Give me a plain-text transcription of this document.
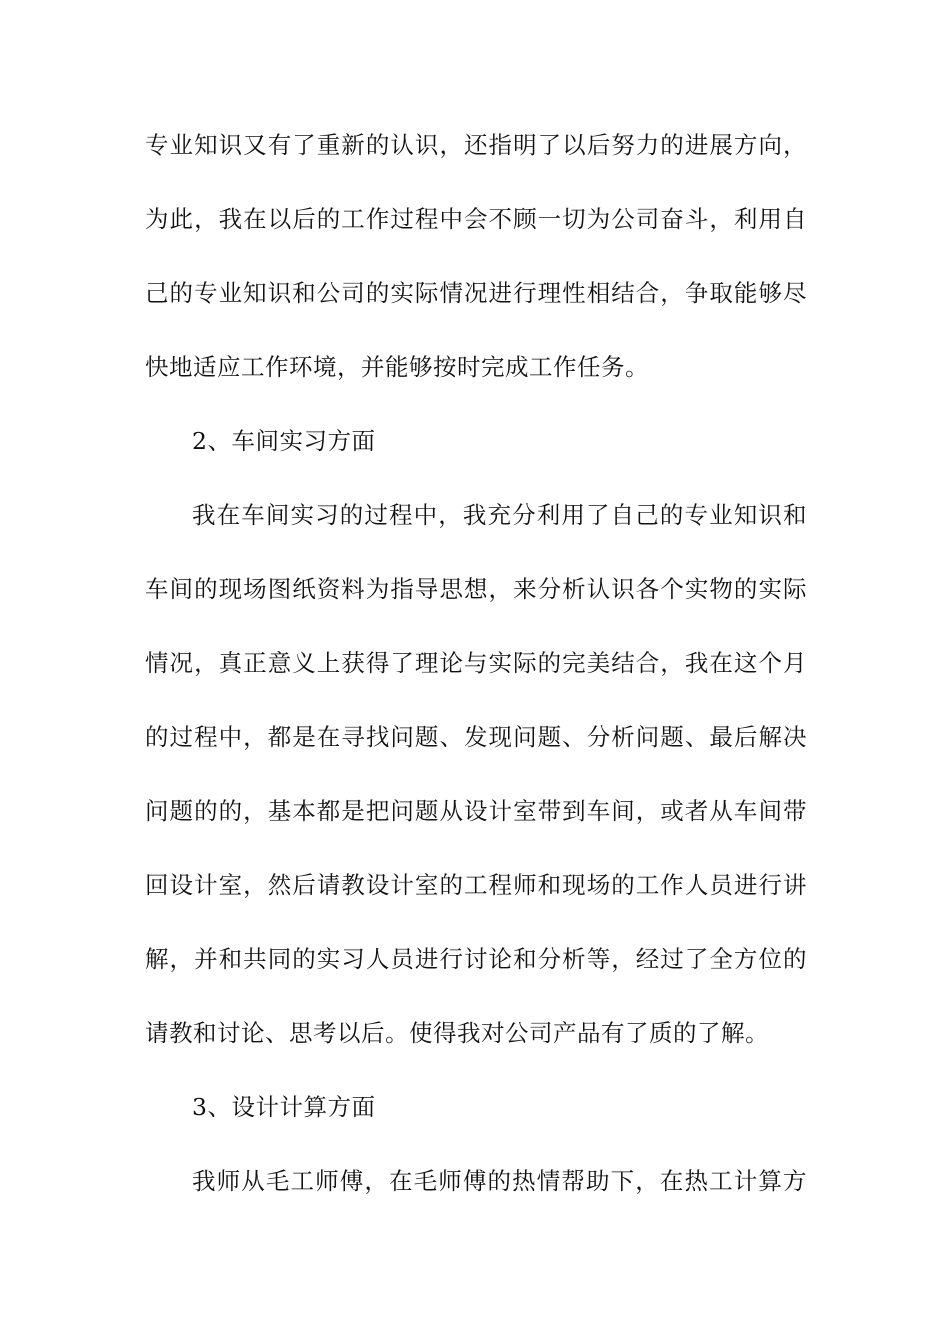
专业知识又有了重新的认识，还指明了以后努力的进展方向，
为此，我在以后的工作过程中会不顾一切为公司奋斗，利用自
己的专业知识和公司的实际情况进行理性相结合，争取能够尽
快地适应工作环境，并能够按时完成工作任务。
2、车间实习方面
我在车间实习的过程中，我充分利用了自己的专业知识和
车间的现场图纸资料为指导思想，来分析认识各个实物的实际
情况，真正意义上获得了理论与实际的完美结合，我在这个月
的过程中，都是在寻找问题、发现问题、分析问题、最后解决
问题的的，基本都是把问题从设计室带到车间，或者从车间带
回设计室，然后请教设计室的工程师和现场的工作人员进行讲
解，并和共同的实习人员进行讨论和分析等，经过了全方位的
请教和讨论、思考以后。使得我对公司产品有了质的了解。
3、设计计算方面
我师从毛工师傅，在毛师傅的热情帮助下，在热工计算方
